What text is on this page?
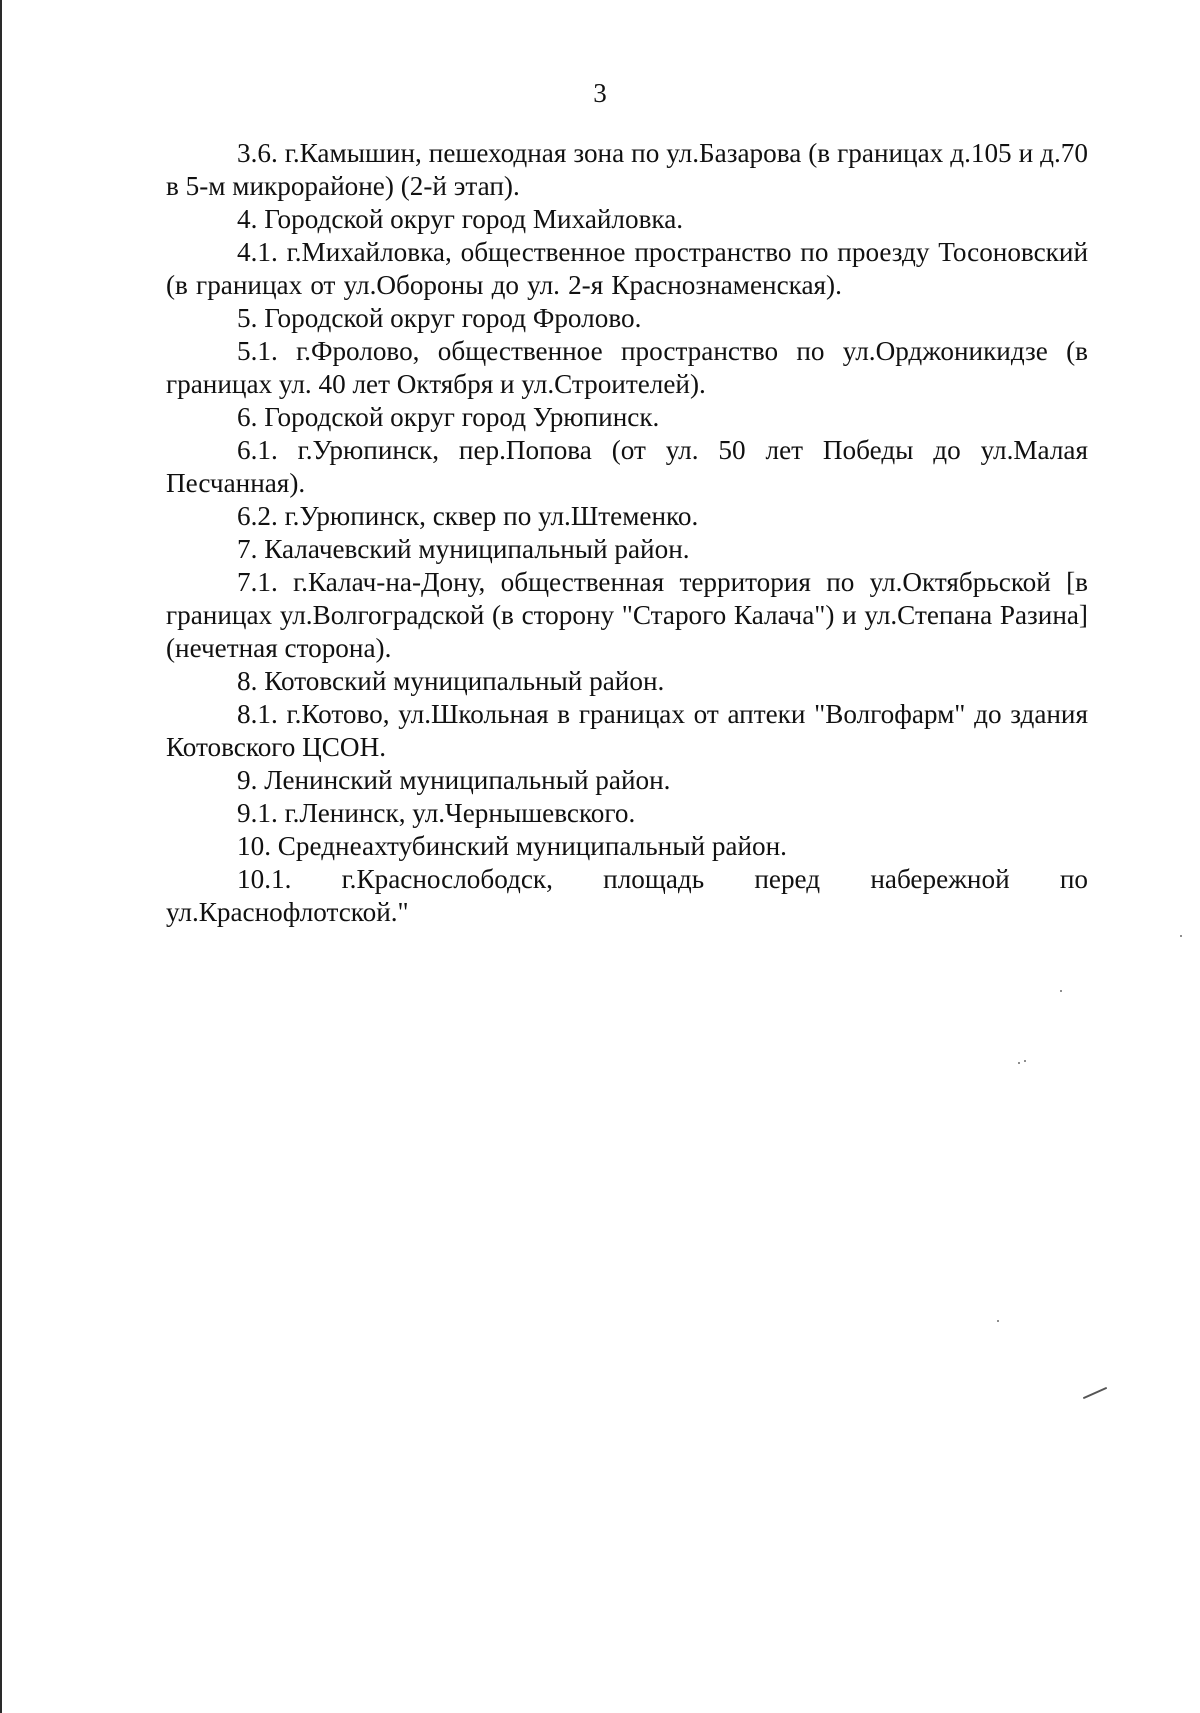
3

3.6. г.Камышин, пешеходная зона по ул.Базарова (в границах д.105 и д.70 в 5-м микрорайоне) (2-й этап).

4. Городской округ город Михайловка.

4.1. г.Михайловка, общественное пространство по проезду Тосоновский (в границах от ул.Обороны до ул. 2-я Краснознаменская).

5. Городской округ город Фролово.

5.1. г.Фролово, общественное пространство по ул.Орджоникидзе (в границах ул. 40 лет Октября и ул.Строителей).

6. Городской округ город Урюпинск.

6.1. г.Урюпинск, пер.Попова (от ул. 50 лет Победы до ул.Малая Песчанная).

6.2. г.Урюпинск, сквер по ул.Штеменко.

7. Калачевский муниципальный район.

7.1. г.Калач-на-Дону, общественная территория по ул.Октябрьской [в границах ул.Волгоградской (в сторону "Старого Калача") и ул.Степана Разина] (нечетная сторона).

8. Котовский муниципальный район.

8.1. г.Котово, ул.Школьная в границах от аптеки "Волгофарм" до здания Котовского ЦСОН.

9. Ленинский муниципальный район.

9.1. г.Ленинск, ул.Чернышевского.

10. Среднеахтубинский муниципальный район.

10.1. г.Краснослободск, площадь перед набережной по ул.Краснофлотской."
